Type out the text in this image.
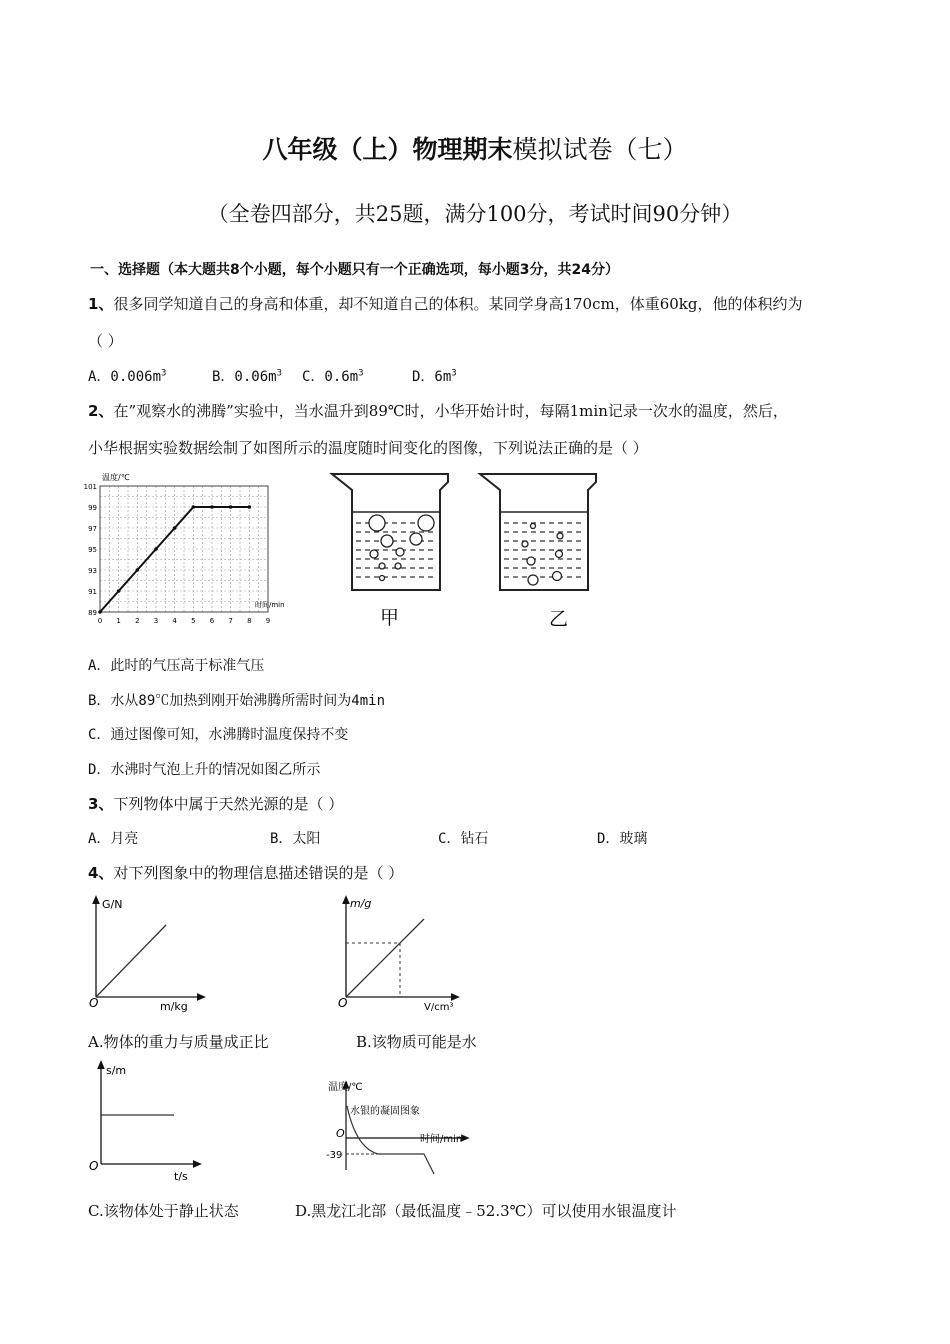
八年级（上）物理期末模拟试卷（七）
（全卷四部分，共25题，满分100分，考试时间90分钟）
一、选择题（本大题共8个小题，每个小题只有一个正确选项，每小题3分，共24分）
1、很多同学知道自己的身高和体重，却不知道自己的体积。某同学身高170cm，体重60kg，他的体积约为
（ ）
A．$0.006m^3$	B．$0.06m^3$ C．$0.6m^3$	D．$6m^3$
2、在”观察水的沸腾”实验中，当水温升到89℃时，小华开始计时，每隔1min记录一次水的温度，然后，
小华根据实验数据绘制了如图所示的温度随时间变化的图像，下列说法正确的是（ ）
89
91
93
95
97
99
101
0 1 2 3 4 5 6 7 8 9
温度/℃
时间/min
甲	乙
A．此时的气压高于标准气压
B．水从89℃加热到刚开始沸腾所需时间为4min
C．通过图像可知，水沸腾时温度保持不变
D．水沸时气泡上升的情况如图乙所示
3、下列物体中属于天然光源的是（ ）
A．月亮	B．太阳	C．钻石	D．玻璃
4、对下列图象中的物理信息描述错误的是（ ）
G/N
m/kg
O
m/g
V/cm³
O
A.物体的重力与质量成正比	B.该物质可能是水
s/m
t/s
O
温度/℃
水银的凝固图象
时间/min
O
-39
C.该物体处于静止状态	D.黑龙江北部（最低温度﹣52.3℃）可以使用水银温度计
